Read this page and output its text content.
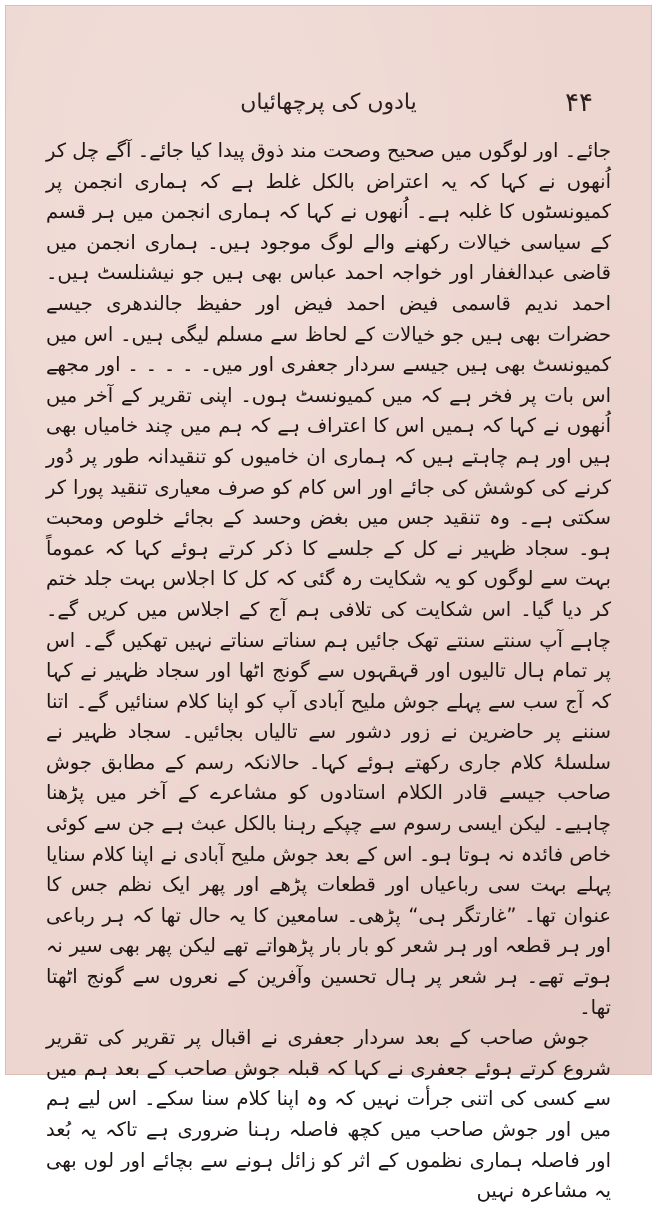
۴۴
یادوں کی پرچھائیاں

جائے۔ اور لوگوں میں صحیح وصحت مند ذوق پیدا کیا جائے۔ آگے چل کر اُنھوں نے کہا کہ یہ اعتراض بالکل غلط ہے کہ ہماری انجمن پر کمیونسٹوں کا غلبہ ہے۔ اُنھوں نے کہا کہ ہماری انجمن میں ہر قسم کے سیاسی خیالات رکھنے والے لوگ موجود ہیں۔ ہماری انجمن میں قاضی عبدالغفار اور خواجہ احمد عباس بھی ہیں جو نیشنلسٹ ہیں۔ احمد ندیم قاسمی فیض احمد فیض اور حفیظ جالندھری جیسے حضرات بھی ہیں جو خیالات کے لحاظ سے مسلم لیگی ہیں۔ اس میں کمیونسٹ بھی ہیں جیسے سردار جعفری اور میں۔ ۔ ۔ ۔ ۔ اور مجھے اس بات پر فخر ہے کہ میں کمیونسٹ ہوں۔ اپنی تقریر کے آخر میں اُنھوں نے کہا کہ ہمیں اس کا اعتراف ہے کہ ہم میں چند خامیاں بھی ہیں اور ہم چاہتے ہیں کہ ہماری ان خامیوں کو تنقیدانہ طور پر دُور کرنے کی کوشش کی جائے اور اس کام کو صرف معیاری تنقید پورا کر سکتی ہے۔ وہ تنقید جس میں بغض وحسد کے بجائے خلوص ومحبت ہو۔ سجاد ظہیر نے کل کے جلسے کا ذکر کرتے ہوئے کہا کہ عموماً بہت سے لوگوں کو یہ شکایت رہ گئی کہ کل کا اجلاس بہت جلد ختم کر دیا گیا۔ اس شکایت کی تلافی ہم آج کے اجلاس میں کریں گے۔ چاہے آپ سنتے سنتے تھک جائیں ہم سناتے سناتے نہیں تھکیں گے۔ اس پر تمام ہال تالیوں اور قہقہوں سے گونج اٹھا اور سجاد ظہیر نے کہا کہ آج سب سے پہلے جوش ملیح آبادی آپ کو اپنا کلام سنائیں گے۔ اتنا سننے پر حاضرین نے زور دشور سے تالیاں بجائیں۔ سجاد ظہیر نے سلسلۂ کلام جاری رکھتے ہوئے کہا۔ حالانکہ رسم کے مطابق جوش صاحب جیسے قادر الکلام استادوں کو مشاعرے کے آخر میں پڑھنا چاہیے۔ لیکن ایسی رسوم سے چپکے رہنا بالکل عبث ہے جن سے کوئی خاص فائدہ نہ ہوتا ہو۔ اس کے بعد جوش ملیح آبادی نے اپنا کلام سنایا پہلے بہت سی رباعیاں اور قطعات پڑھے اور پھر ایک نظم جس کا عنوان تھا۔ ”غارتگر ہی“ پڑھی۔ سامعین کا یہ حال تھا کہ ہر رباعی اور ہر قطعہ اور ہر شعر کو بار بار پڑھواتے تھے لیکن پھر بھی سیر نہ ہوتے تھے۔ ہر شعر پر ہال تحسین وآفرین کے نعروں سے گونج اٹھتا تھا۔

جوش صاحب کے بعد سردار جعفری نے اقبال پر تقریر کی تقریر شروع کرتے ہوئے جعفری نے کہا کہ قبلہ جوش صاحب کے بعد ہم میں سے کسی کی اتنی جرأت نہیں کہ وہ اپنا کلام سنا سکے۔ اس لیے ہم میں اور جوش صاحب میں کچھ فاصلہ رہنا ضروری ہے تاکہ یہ بُعد اور فاصلہ ہماری نظموں کے اثر کو زائل ہونے سے بچائے اور لوں بھی یہ مشاعرہ نہیں
